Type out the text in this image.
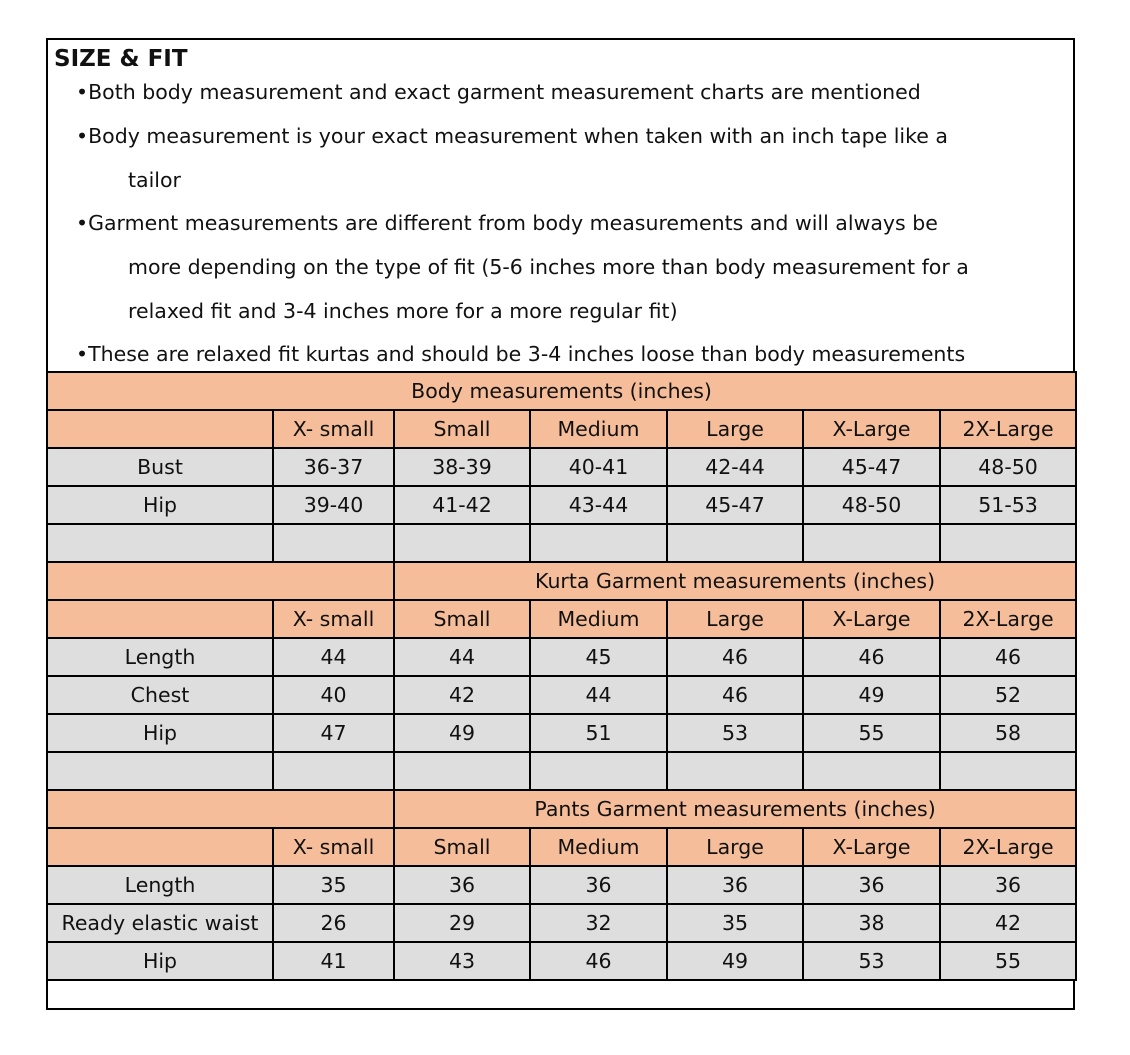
SIZE & FIT
•Both body measurement and exact garment measurement charts are mentioned
•Body measurement is your exact measurement when taken with an inch tape like a
tailor
•Garment measurements are different from body measurements and will always be
more depending on the type of fit (5-6 inches more than body measurement for a
relaxed fit and 3-4 inches more for a more regular fit)
•These are relaxed fit kurtas and should be 3-4 inches loose than body measurements
Body measurements (inches)						
	X- small	Small	Medium	Large	X-Large	2X-Large
Bust	36-37	38-39	40-41	42-44	45-47	48-50
Hip	39-40	41-42	43-44	45-47	48-50	51-53

		Kurta Garment measurements (inches)				
	X- small	Small	Medium	Large	X-Large	2X-Large
Length	44	44	45	46	46	46
Chest	40	42	44	46	49	52
Hip	47	49	51	53	55	58

		Pants Garment measurements (inches)				
	X- small	Small	Medium	Large	X-Large	2X-Large
Length	35	36	36	36	36	36
Ready elastic waist	26	29	32	35	38	42
Hip	41	43	46	49	53	55
